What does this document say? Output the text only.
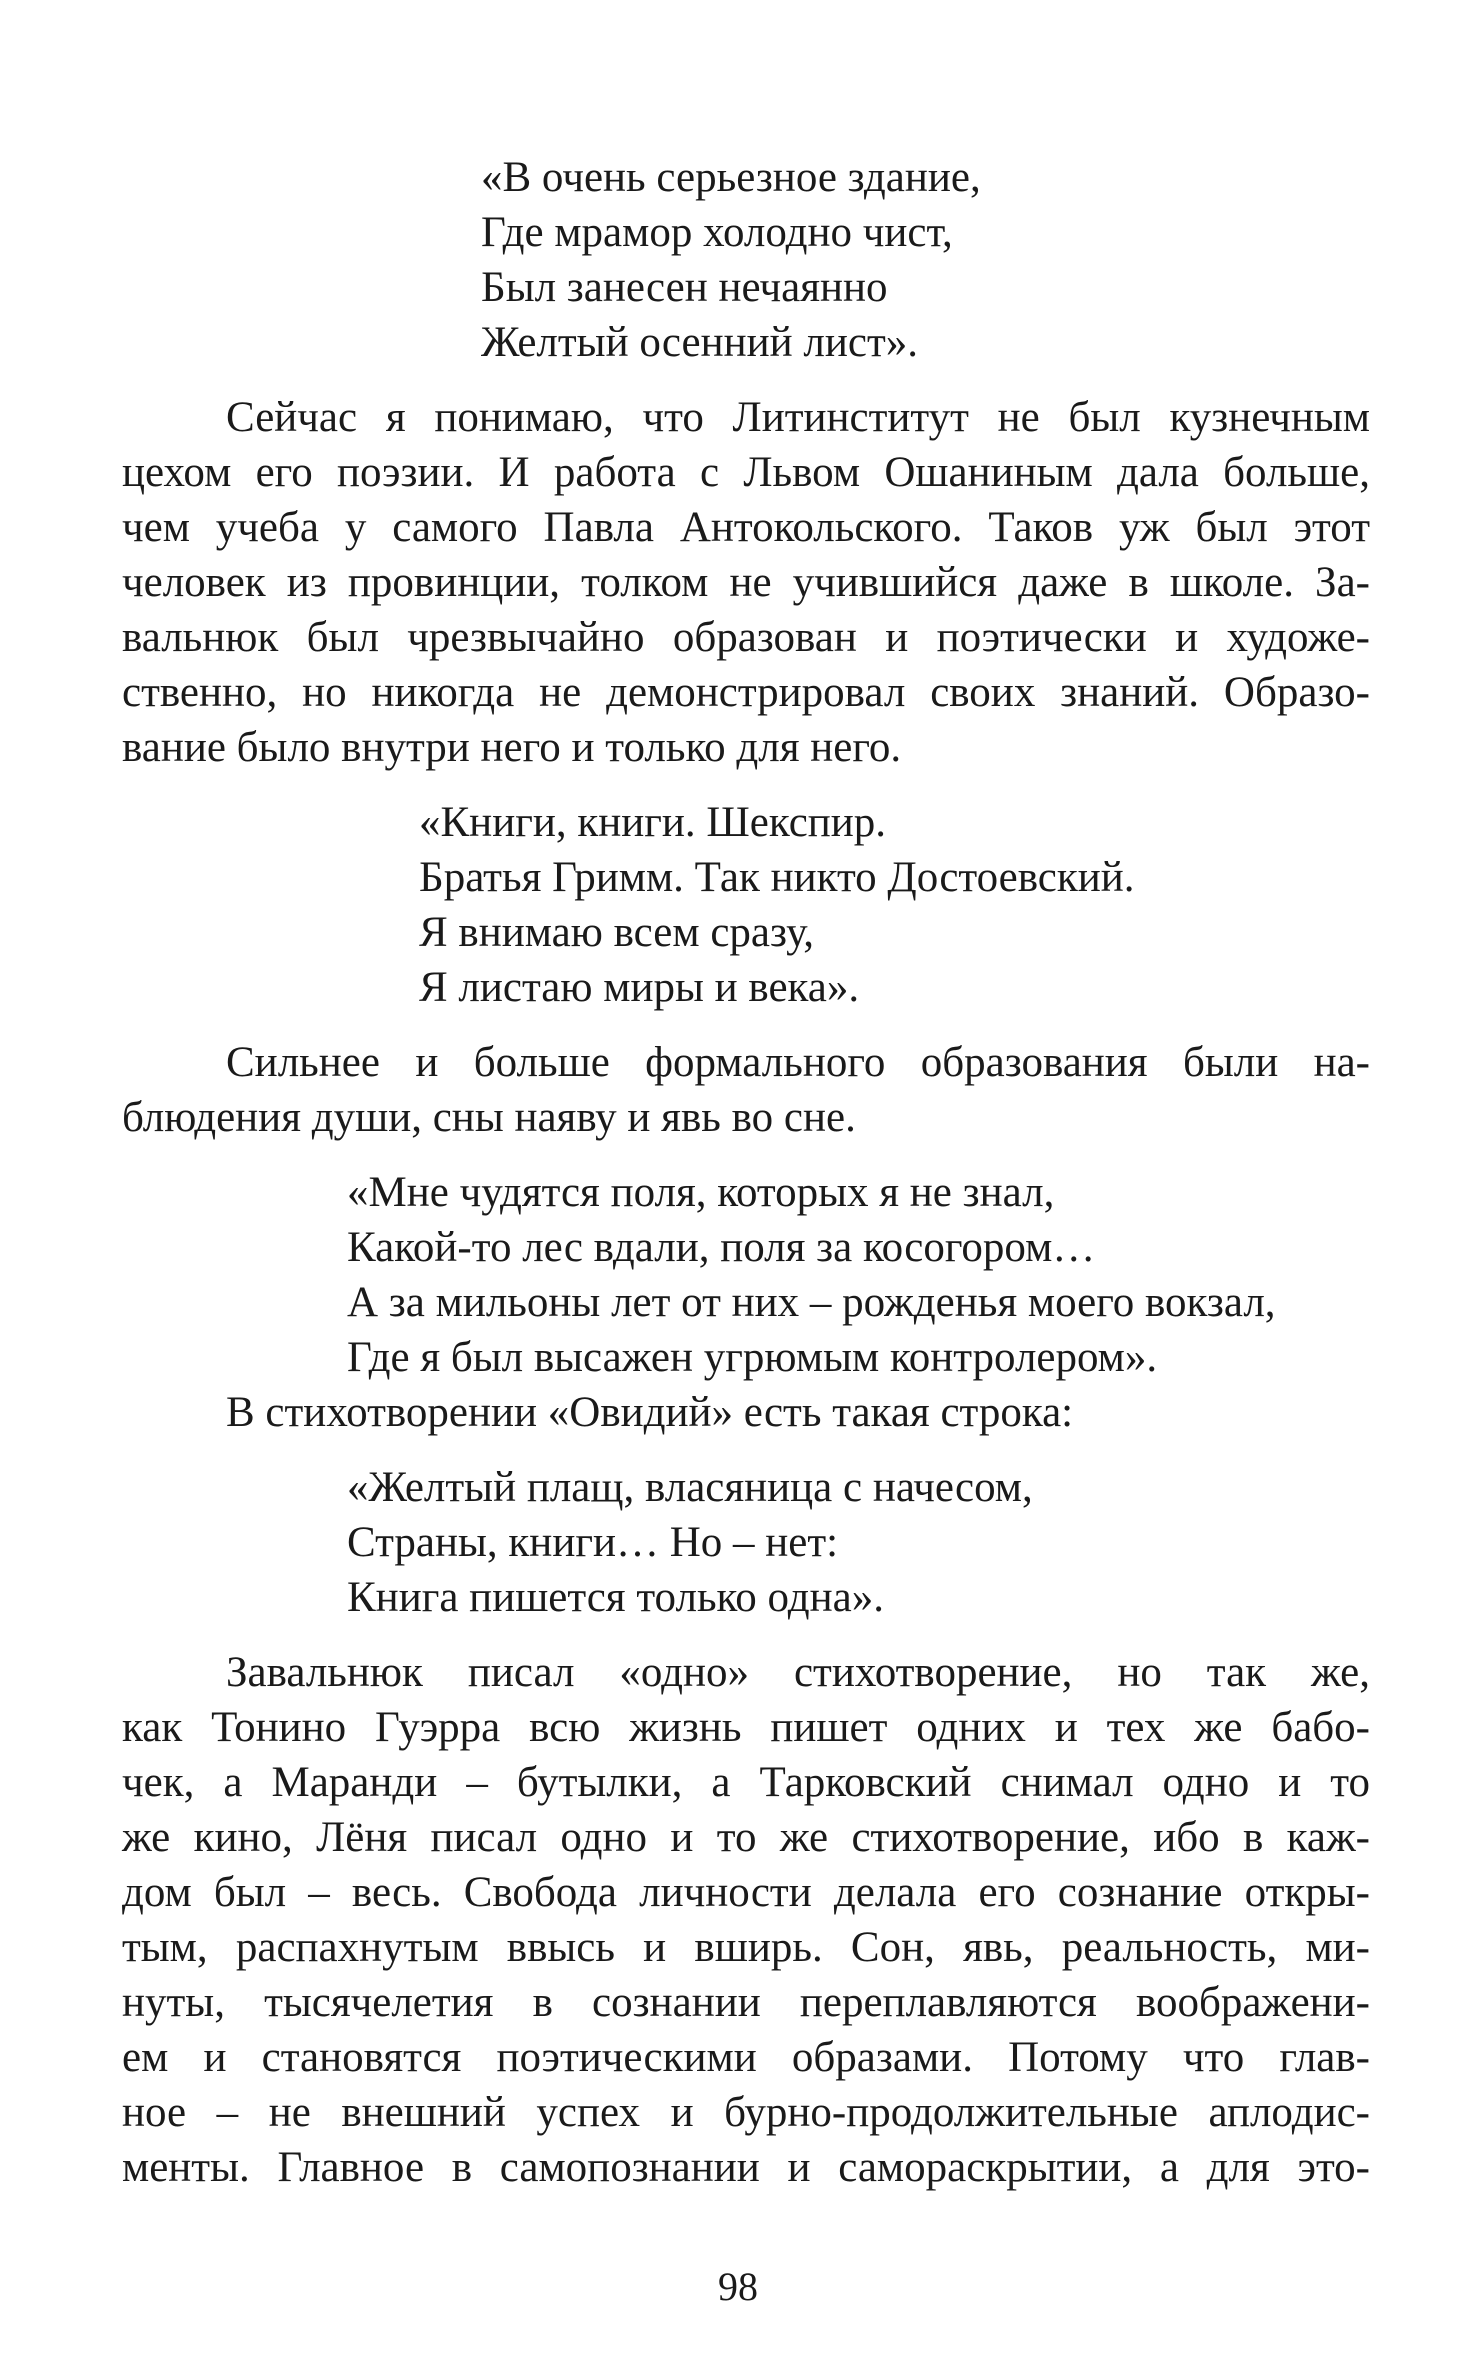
«В очень серьезное здание,
Где мрамор холодно чист,
Был занесен нечаянно
Желтый осенний лист».
Сейчас я понимаю, что Литинститут не был кузнечным
цехом его поэзии. И работа с Львом Ошаниным дала больше,
чем учеба у самого Павла Антокольского. Таков уж был этот
человек из провинции, толком не учившийся даже в школе. За-
вальнюк был чрезвычайно образован и поэтически и художе-
ственно, но никогда не демонстрировал своих знаний. Образо-
вание было внутри него и только для него.
«Книги, книги. Шекспир.
Братья Гримм. Так никто Достоевский.
Я внимаю всем сразу,
Я листаю миры и века».
Сильнее и больше формального образования были на-
блюдения души, сны наяву и явь во сне.
«Мне чудятся поля, которых я не знал,
Какой-то лес вдали, поля за косогором…
А за мильоны лет от них – рожденья моего вокзал,
Где я был высажен угрюмым контролером».
В стихотворении «Овидий» есть такая строка:
«Желтый плащ, власяница с начесом,
Страны, книги… Но – нет:
Книга пишется только одна».
Завальнюк писал «одно» стихотворение, но так же,
как Тонино Гуэрра всю жизнь пишет одних и тех же бабо-
чек, а Маранди – бутылки, а Тарковский снимал одно и то
же кино, Лёня писал одно и то же стихотворение, ибо в каж-
дом был – весь. Свобода личности делала его сознание откры-
тым, распахнутым ввысь и вширь. Сон, явь, реальность, ми-
нуты, тысячелетия в сознании переплавляются воображени-
ем и становятся поэтическими образами. Потому что глав-
ное – не внешний успех и бурно-продолжительные аплодис-
менты. Главное в самопознании и самораскрытии, а для это-
98
